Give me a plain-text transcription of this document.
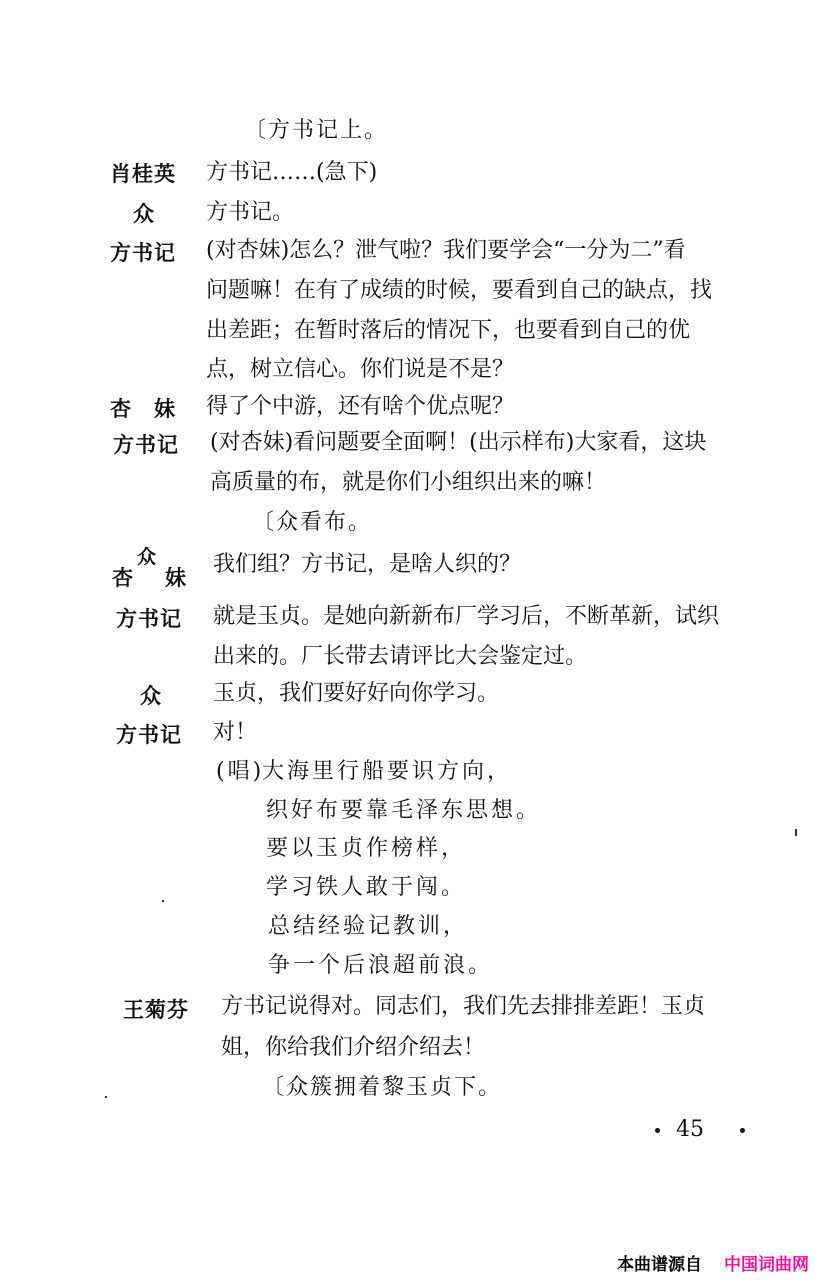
〔方书记上。
肖桂英 方书记……(急下)
众 方书记。
方书记 (对杏妹)怎么？泄气啦？我们要学会“一分为二”看
问题嘛！在有了成绩的时候，要看到自己的缺点，找
出差距；在暂时落后的情况下，也要看到自己的优
点，树立信心。你们说是不是？
杏　妹 得了个中游，还有啥个优点呢？
方书记 (对杏妹)看问题要全面啊！(出示样布)大家看，这块
高质量的布，就是你们小组织出来的嘛！
〔众看布。
众
杏 妹
我们组？方书记，是啥人织的？
方书记 就是玉贞。是她向新新布厂学习后，不断革新，试织
出来的。厂长带去请评比大会鉴定过。
众 玉贞，我们要好好向你学习。
方书记 对！
(唱)
大海里行船要识方向，
织好布要靠毛泽东思想。
要以玉贞作榜样，
学习铁人敢于闯。
总结经验记教训，
争一个后浪超前浪。
王菊芬 方书记说得对。同志们，我们先去排排差距！玉贞
姐，你给我们介绍介绍去！
〔众簇拥着黎玉贞下。
45
本曲谱源自 中国词曲网
